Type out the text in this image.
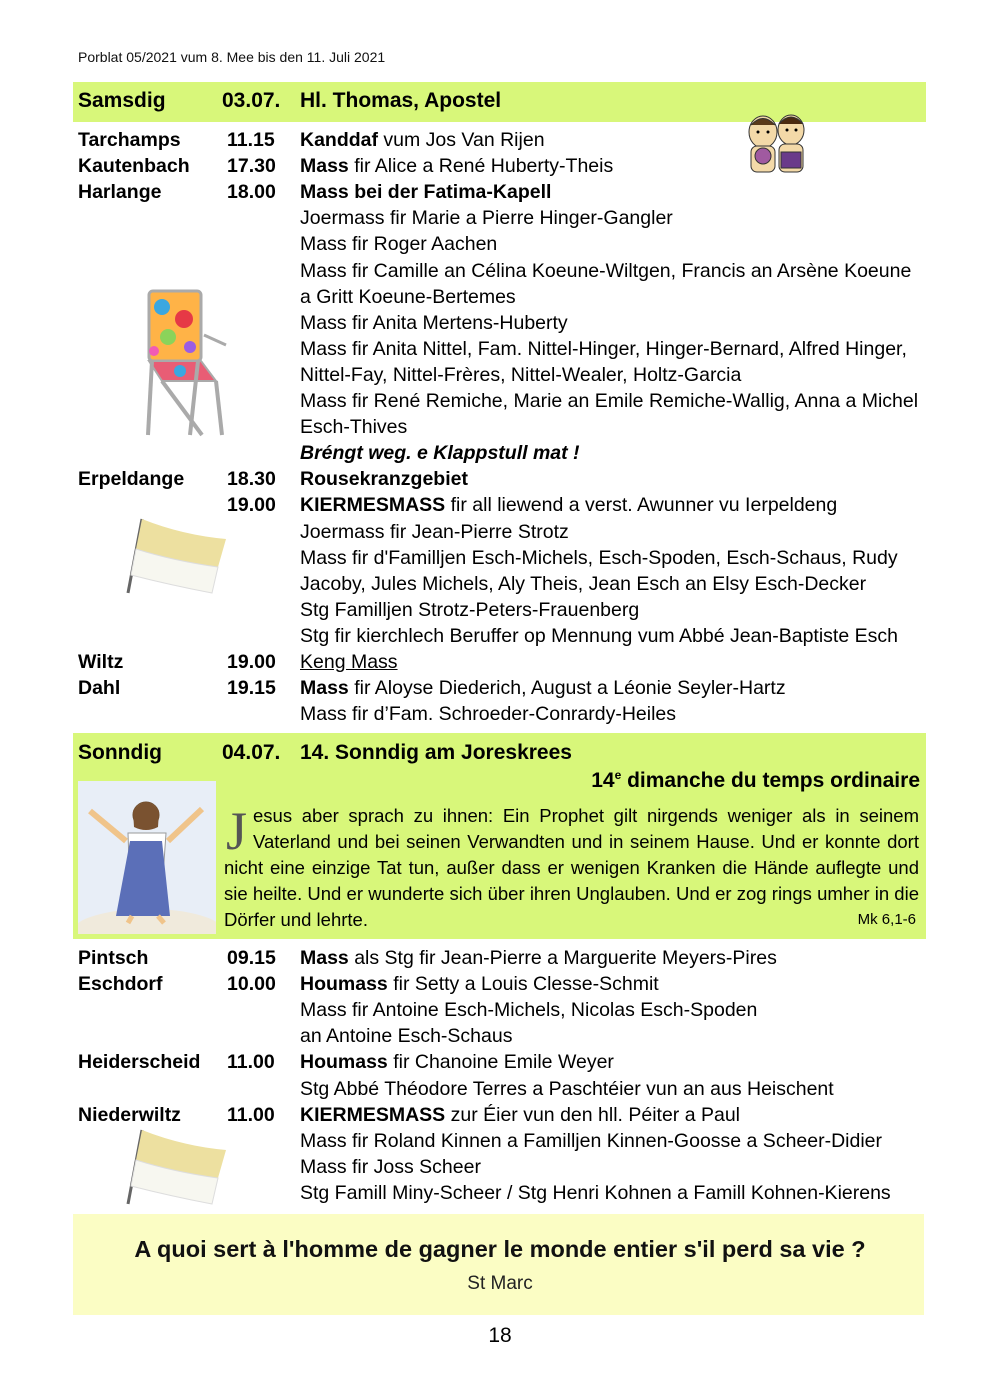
Porblat 05/2021 vum 8. Mee bis den 11. Juli 2021
Samsdig	03.07. Hl. Thomas, Apostel
Tarchamps 11.15 Kanddaf vum Jos Van Rijen
Kautenbach 17.30 Mass fir Alice a René Huberty-Theis
Harlange	18.00 Mass bei der Fatima-Kapell
Joermass fir Marie a Pierre Hinger-Gangler
Mass fir Roger Aachen
Mass fir Camille an Célina Koeune-Wiltgen, Francis an Arsène Koeune
a Gritt Koeune-Bertemes
Mass fir Anita Mertens-Huberty
Mass fir Anita Nittel, Fam. Nittel-Hinger, Hinger-Bernard, Alfred Hinger,
Nittel-Fay, Nittel-Frères, Nittel-Wealer, Holtz-Garcia
Mass fir René Remiche, Marie an Emile Remiche-Wallig, Anna a Michel
Esch-Thives
Bréngt weg. e Klappstull mat !
Erpeldange 18.30 Rousekranzgebiet
19.00 KIERMESMASS fir all liewend a verst. Awunner vu Ierpeldeng
Joermass fir Jean-Pierre Strotz
Mass fir d'Familljen Esch-Michels, Esch-Spoden, Esch-Schaus, Rudy
Jacoby, Jules Michels, Aly Theis, Jean Esch an Elsy Esch-Decker
Stg Familljen Strotz-Peters-Frauenberg
Stg fir kierchlech Beruffer op Mennung vum Abbé Jean-Baptiste Esch
Wiltz	19.00 Keng Mass
Dahl	19.15 Mass fir Aloyse Diederich, August a Léonie Seyler-Hartz
Mass fir d’Fam. Schroeder-Conrardy-Heiles
Sonndig	04.07. 14. Sonndig am Joreskrees
14e dimanche du temps ordinaire
Jesus aber sprach zu ihnen: Ein Prophet gilt nirgends weniger als in seinem Vaterland und bei seinen Verwandten und in seinem Hause. Und er konnte dort nicht eine einzige Tat tun, außer dass er wenigen Kranken die Hände auflegte und sie heilte. Und er wunderte sich über ihren Unglauben. Und er zog rings umher in die Dörfer und lehrte.	Mk 6,1-6
Pintsch	09.15 Mass als Stg fir Jean-Pierre a Marguerite Meyers-Pires
Eschdorf	10.00 Houmass fir Setty a Louis Clesse-Schmit
Mass fir Antoine Esch-Michels, Nicolas Esch-Spoden
an Antoine Esch-Schaus
Heiderscheid 11.00 Houmass fir Chanoine Emile Weyer
Stg Abbé Théodore Terres a Paschtéier vun an aus Heischent
Niederwiltz 11.00 KIERMESMASS zur Éier vun den hll. Péiter a Paul
Mass fir Roland Kinnen a Familljen Kinnen-Goosse a Scheer-Didier
Mass fir Joss Scheer
Stg Famill Miny-Scheer / Stg Henri Kohnen a Famill Kohnen-Kierens
A quoi sert à l'homme de gagner le monde entier s'il perd sa vie ?
St Marc
18
